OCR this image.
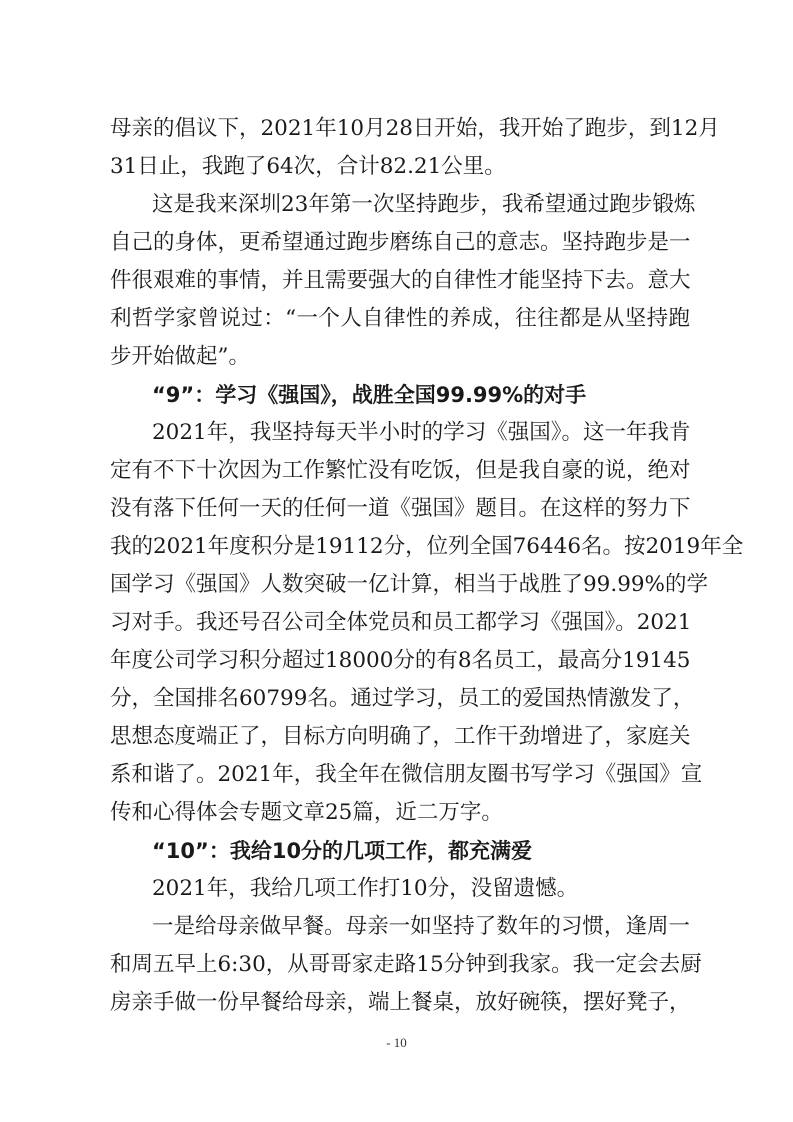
母亲的倡议下，2021年10月28日开始，我开始了跑步，到12月
31日止，我跑了64次，合计82.21公里。
这是我来深圳23年第一次坚持跑步，我希望通过跑步锻炼
自己的身体，更希望通过跑步磨练自己的意志。坚持跑步是一
件很艰难的事情，并且需要强大的自律性才能坚持下去。意大
利哲学家曾说过：“一个人自律性的养成，往往都是从坚持跑
步开始做起”。
“9”：学习《强国》，战胜全国99.99%的对手
2021年，我坚持每天半小时的学习《强国》。这一年我肯
定有不下十次因为工作繁忙没有吃饭，但是我自豪的说，绝对
没有落下任何一天的任何一道《强国》题目。在这样的努力下
我的2021年度积分是19112分，位列全国76446名。按2019年全
国学习《强国》人数突破一亿计算，相当于战胜了99.99%的学
习对手。我还号召公司全体党员和员工都学习《强国》。2021
年度公司学习积分超过18000分的有8名员工，最高分19145
分，全国排名60799名。通过学习，员工的爱国热情激发了，
思想态度端正了，目标方向明确了，工作干劲增进了，家庭关
系和谐了。2021年，我全年在微信朋友圈书写学习《强国》宣
传和心得体会专题文章25篇，近二万字。
“10”：我给10分的几项工作，都充满爱
2021年，我给几项工作打10分，没留遗憾。
一是给母亲做早餐。母亲一如坚持了数年的习惯，逢周一
和周五早上6:30，从哥哥家走路15分钟到我家。我一定会去厨
房亲手做一份早餐给母亲，端上餐桌，放好碗筷，摆好凳子，
- 10
